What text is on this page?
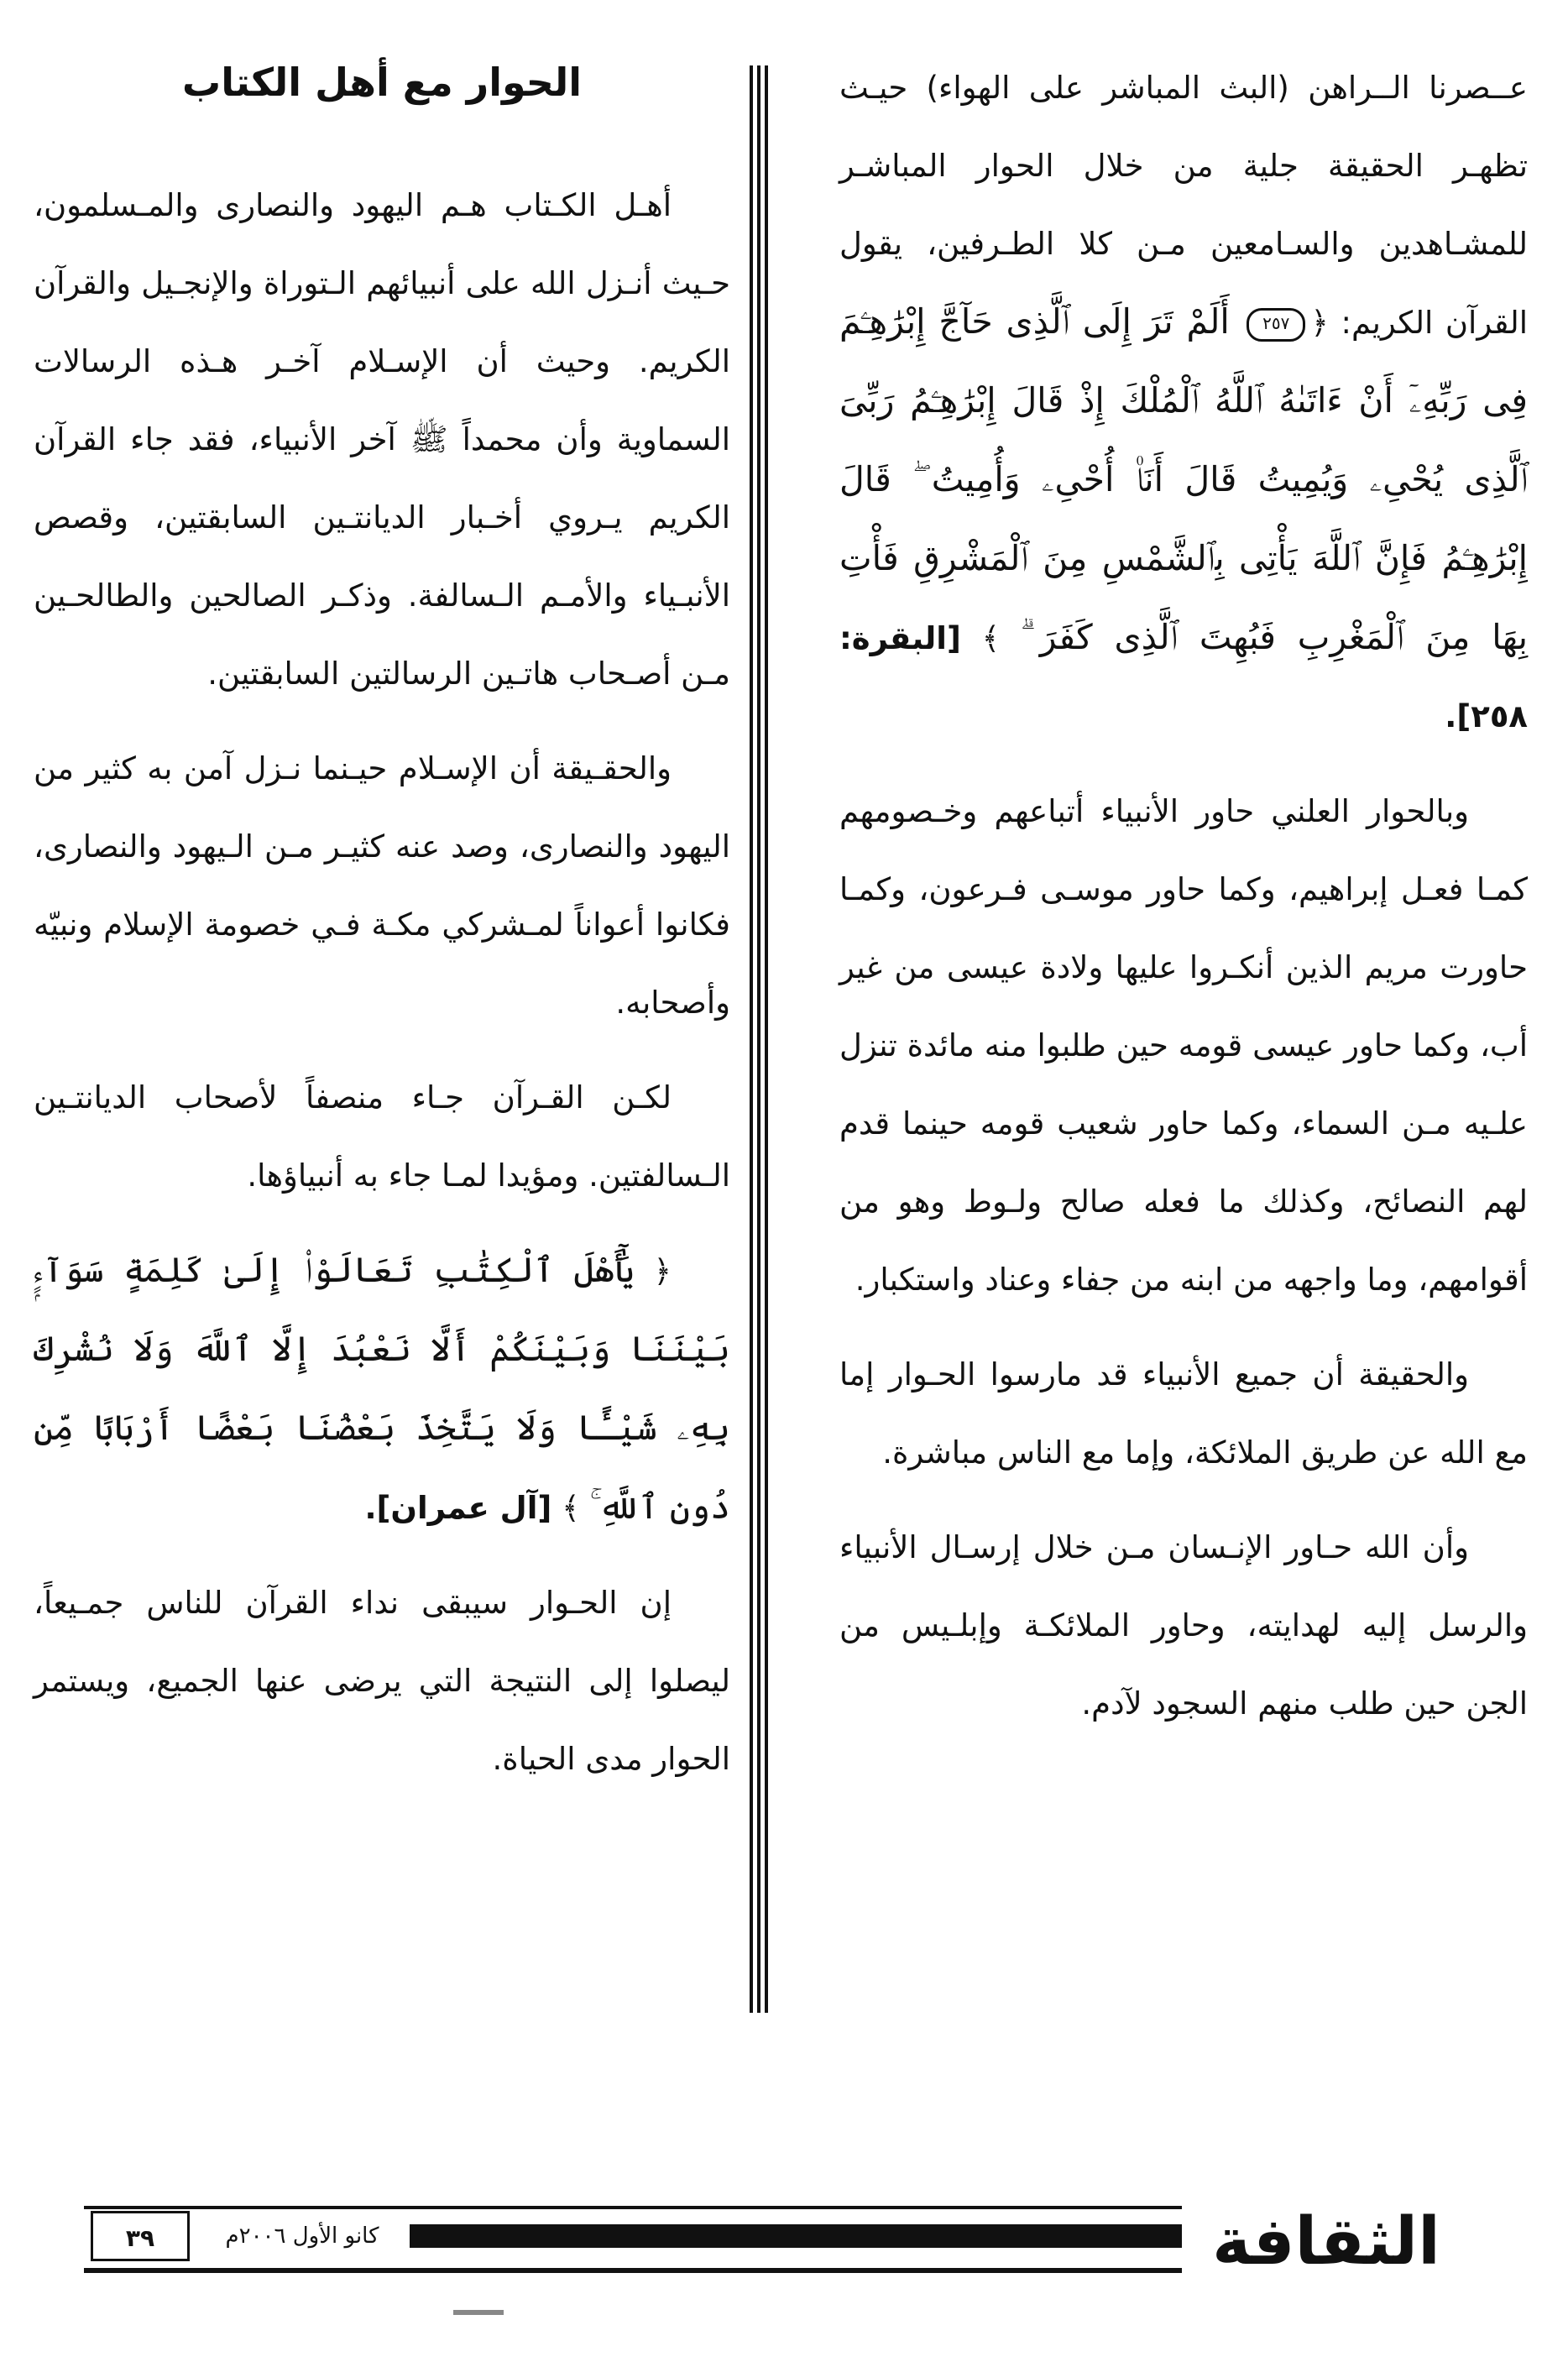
عــصرنا الــراهن (البث المباشر على الهواء) حيـث تظهـر الحقيقة جلية من خلال الحوار المباشـر للمشـاهدين والسـامعين مـن كلا الطـرفين، يقول القرآن الكريم: ﴿٢٥٧ أَلَمْ تَرَ إِلَى ٱلَّذِى حَآجَّ إِبْرَٰهِـۧمَ فِى رَبِّهِۦٓ أَنْ ءَاتَىٰهُ ٱللَّهُ ٱلْمُلْكَ إِذْ قَالَ إِبْرَٰهِـۧمُ رَبِّىَ ٱلَّذِى يُحْىِۦ وَيُمِيتُ قَالَ أَنَا۠ أُحْىِۦ وَأُمِيتُ ۖ قَالَ إِبْرَٰهِـۧمُ فَإِنَّ ٱللَّهَ يَأْتِى بِٱلشَّمْسِ مِنَ ٱلْمَشْرِقِ فَأْتِ بِهَا مِنَ ٱلْمَغْرِبِ فَبُهِتَ ٱلَّذِى كَفَرَ ۗ ﴾ [البقرة: ٢٥٨].

وبالحوار العلني حاور الأنبياء أتباعهم وخـصومهم كمـا فعـل إبراهيم، وكما حاور موسـى فـرعون، وكمـا حاورت مريم الذين أنكـروا عليها ولادة عيسى من غير أب، وكما حاور عيسى قومه حين طلبوا منه مائدة تنزل علـيه مـن السماء، وكما حاور شعيب قومه حينما قدم لهم النصائح، وكذلك ما فعله صالح ولـوط وهو من أقوامهم، وما واجهه من ابنه من جفاء وعناد واستكبار.

والحقيقة أن جميع الأنبياء قد مارسوا الحـوار إما مع الله عن طريق الملائكة، وإما مع الناس مباشرة.

وأن الله حـاور الإنـسان مـن خلال إرسـال الأنبياء والرسل إليه لهدايته، وحاور الملائكـة وإبلـيس من الجن حين طلب منهم السجود لآدم.

الحوار مع أهل الكتاب

أهـل الكـتاب هـم اليهود والنصارى والمـسلمون، حـيث أنـزل الله على أنبيائهم الـتوراة والإنجـيل والقرآن الكريم. وحيث أن الإسـلام آخـر هـذه الرسالات السماوية وأن محمداً ﷺ آخر الأنبياء، فقد جاء القرآن الكريم يـروي أخـبار الديانتـين السابقتين، وقصص الأنبـياء والأمـم الـسالفة. وذكـر الصالحين والطالحـين مـن أصـحاب هاتـين الرسالتين السابقتين.

والحقـيقة أن الإسـلام حيـنما نـزل آمن به كثير من اليهود والنصارى، وصد عنه كثيـر مـن الـيهود والنصارى، فكانوا أعواناً لمـشركي مكـة فـي خصومة الإسلام ونبيّه وأصحابه.

لكـن القـرآن جـاء منصفاً لأصحاب الديانتـين الـسالفتين. ومؤيدا لمـا جاء به أنبياؤها.

﴿ يَٰٓأَهْلَ ٱلْكِتَٰبِ تَعَالَوْا۟ إِلَىٰ كَلِمَةٍ سَوَآءٍۭ بَيْنَنَا وَبَيْنَكُمْ أَلَّا نَعْبُدَ إِلَّا ٱللَّهَ وَلَا نُشْرِكَ بِهِۦ شَيْـًٔا وَلَا يَتَّخِذَ بَعْضُنَا بَعْضًا أَرْبَابًا مِّن دُونِ ٱللَّهِ ۚ ﴾ [آل عمران].

إن الحـوار سيبقى نداء القرآن للناس جمـيعاً، ليصلوا إلى النتيجة التي يرضى عنها الجميع، ويستمر الحوار مدى الحياة.

الثقافة
كانو الأول ٢٠٠٦م
٣٩
